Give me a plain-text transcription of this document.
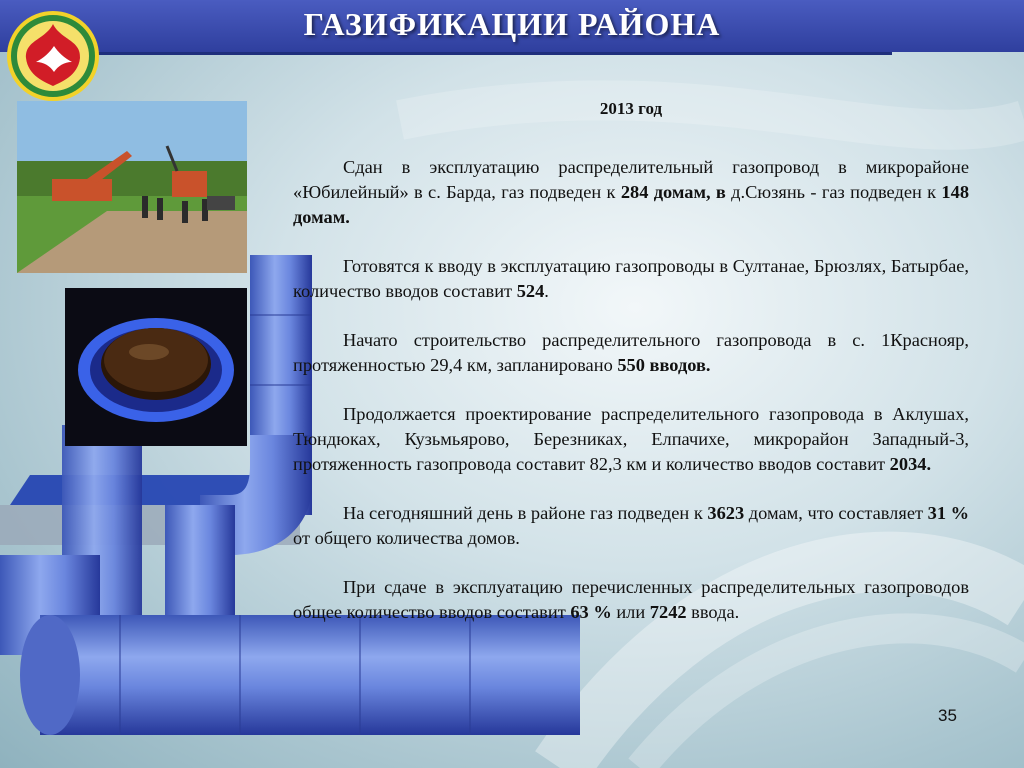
ГАЗИФИКАЦИИ РАЙОНА
2013 год
Сдан в эксплуатацию распределительный газопровод в микрорайоне «Юбилейный» в с. Барда, газ подведен к 284 домам, в д.Сюзянь - газ подведен к 148 домам.
Готовятся к вводу в эксплуатацию газопроводы в Султанае, Брюзлях, Батырбае, количество вводов составит 524.
Начато строительство распределительного газопровода в с. 1Краснояр, протяженностью 29,4 км, запланировано 550 вводов.
Продолжается проектирование распределительного газопровода в Аклушах, Тюндюках, Кузьмьярово, Березниках, Елпачихе, микрорайон Западный-3, протяженность газопровода составит 82,3 км и количество вводов составит 2034.
На сегодняшний день в районе газ подведен к 3623 домам, что составляет 31 % от общего количества домов.
При сдаче в эксплуатацию перечисленных распределительных газопроводов общее количество вводов составит 63 % или 7242 ввода.
35
